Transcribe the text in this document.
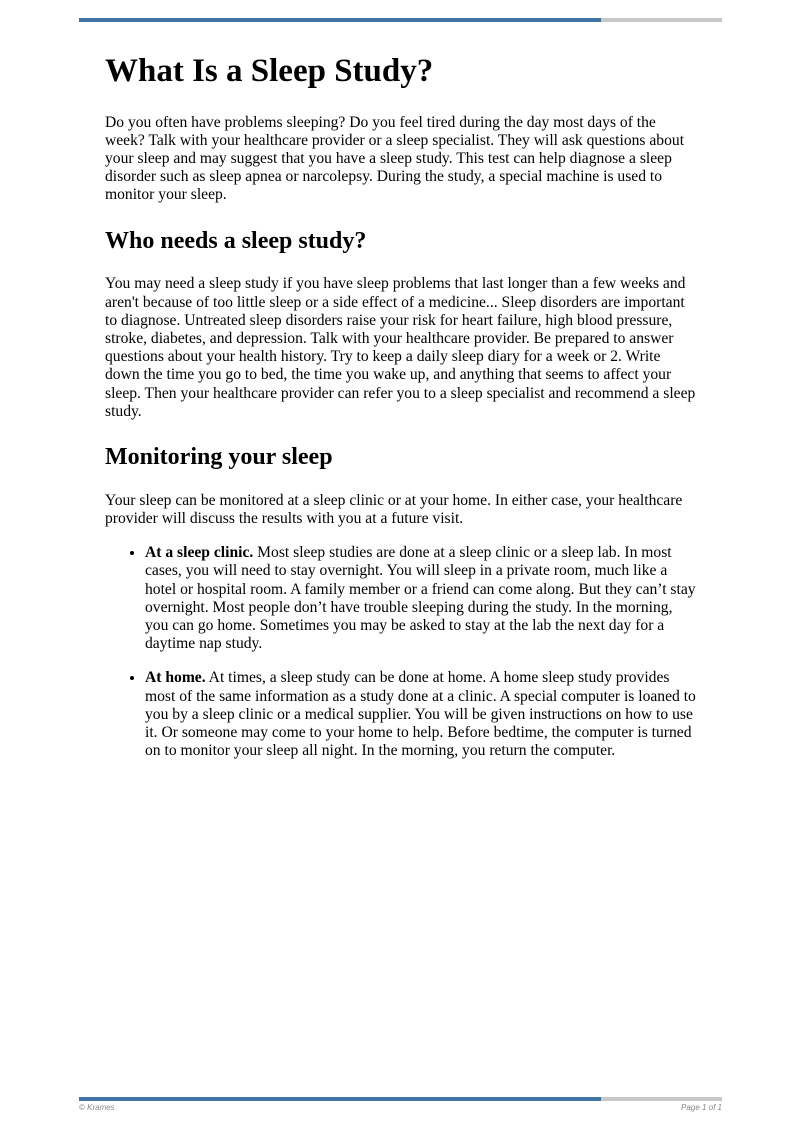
What Is a Sleep Study?

Do you often have problems sleeping? Do you feel tired during the day most days of the week? Talk with your healthcare provider or a sleep specialist. They will ask questions about your sleep and may suggest that you have a sleep study. This test can help diagnose a sleep disorder such as sleep apnea or narcolepsy. During the study, a special machine is used to monitor your sleep.

Who needs a sleep study?

You may need a sleep study if you have sleep problems that last longer than a few weeks and aren't because of too little sleep or a side effect of a medicine... Sleep disorders are important to diagnose. Untreated sleep disorders raise your risk for heart failure, high blood pressure, stroke, diabetes, and depression. Talk with your healthcare provider. Be prepared to answer questions about your health history. Try to keep a daily sleep diary for a week or 2. Write down the time you go to bed, the time you wake up, and anything that seems to affect your sleep. Then your healthcare provider can refer you to a sleep specialist and recommend a sleep study.

Monitoring your sleep

Your sleep can be monitored at a sleep clinic or at your home. In either case, your healthcare provider will discuss the results with you at a future visit.

• At a sleep clinic. Most sleep studies are done at a sleep clinic or a sleep lab. In most cases, you will need to stay overnight. You will sleep in a private room, much like a hotel or hospital room. A family member or a friend can come along. But they can’t stay overnight. Most people don’t have trouble sleeping during the study. In the morning, you can go home. Sometimes you may be asked to stay at the lab the next day for a daytime nap study.
• At home. At times, a sleep study can be done at home. A home sleep study provides most of the same information as a study done at a clinic. A special computer is loaned to you by a sleep clinic or a medical supplier. You will be given instructions on how to use it. Or someone may come to your home to help. Before bedtime, the computer is turned on to monitor your sleep all night. In the morning, you return the computer.
© Krames	Page 1 of 1
